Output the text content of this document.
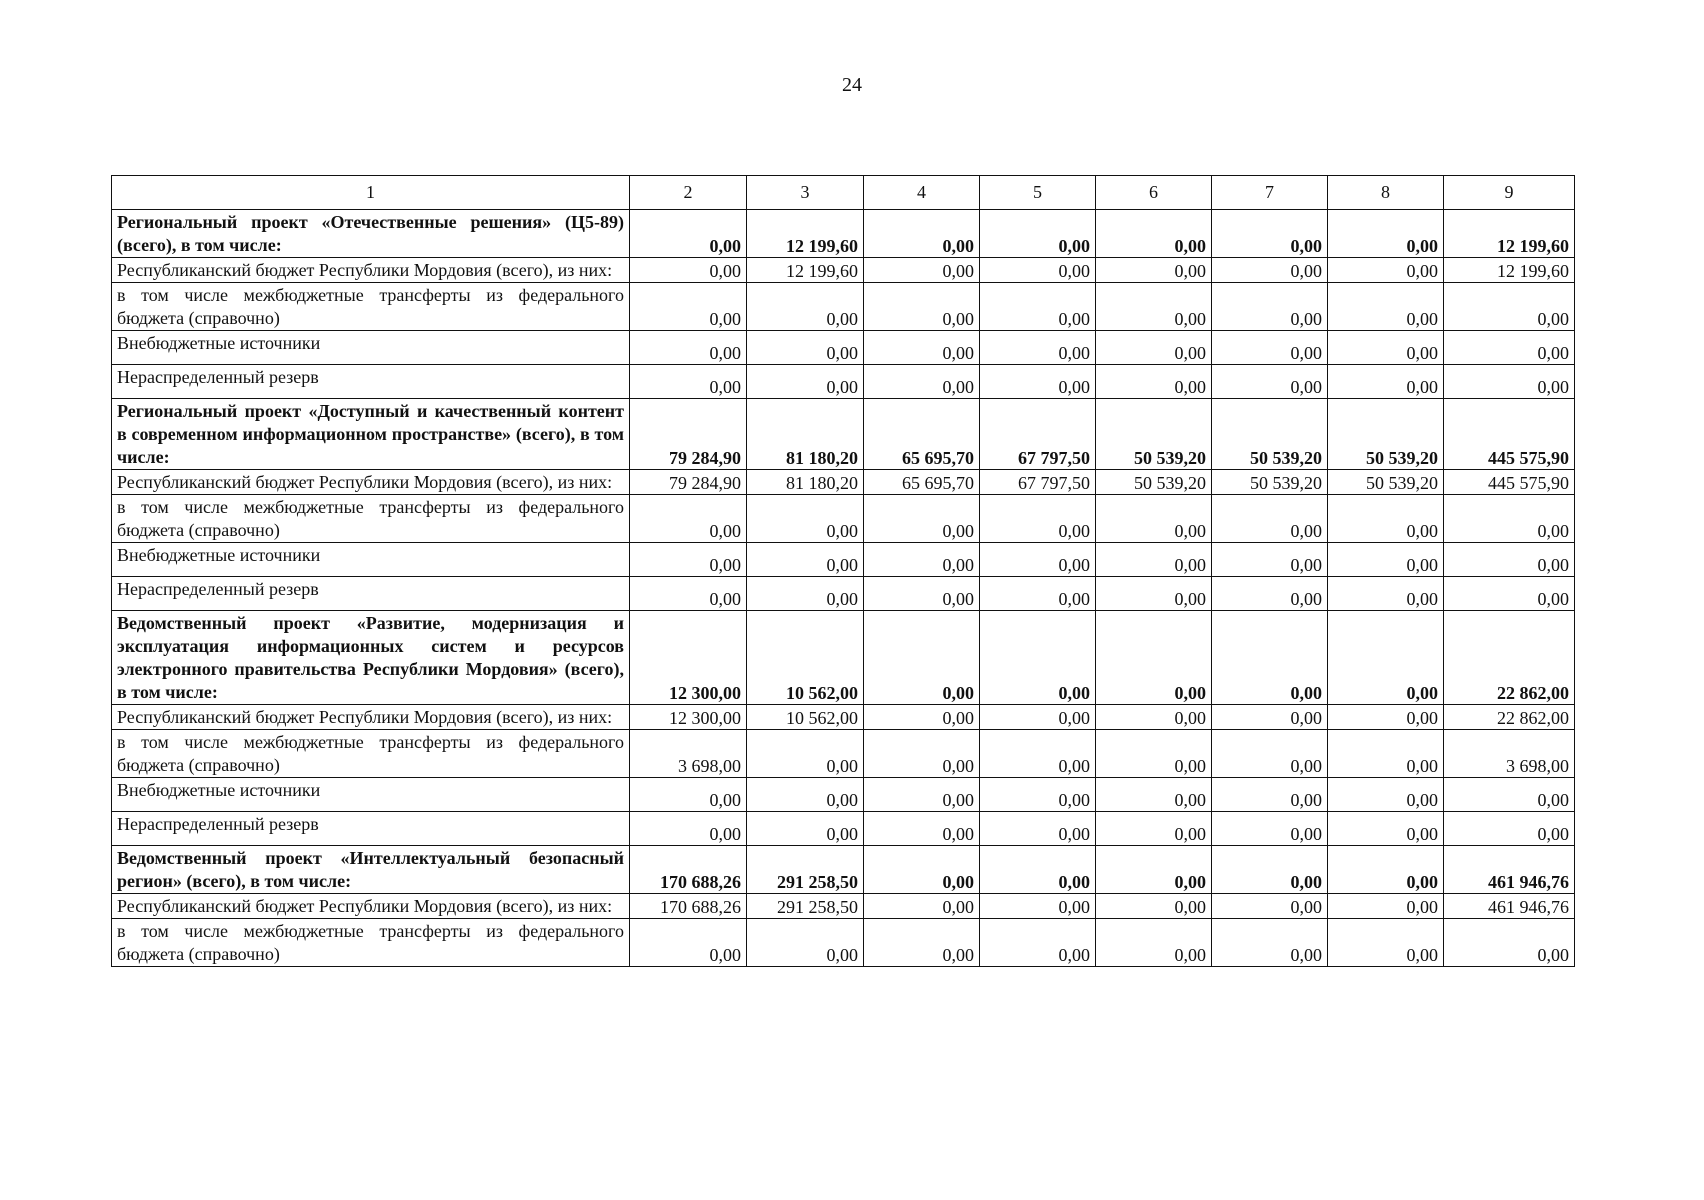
24
1	2	3	4	5	6	7	8	9
Региональный проект «Отечественные решения» (Ц5-89) (всего), в том числе:	0,00	12 199,60	0,00	0,00	0,00	0,00	0,00	12 199,60
Республиканский бюджет Республики Мордовия (всего), из них:	0,00	12 199,60	0,00	0,00	0,00	0,00	0,00	12 199,60
в том числе межбюджетные трансферты из федерального бюджета (справочно)	0,00	0,00	0,00	0,00	0,00	0,00	0,00	0,00
Внебюджетные источники	0,00	0,00	0,00	0,00	0,00	0,00	0,00	0,00
Нераспределенный резерв	0,00	0,00	0,00	0,00	0,00	0,00	0,00	0,00
Региональный проект «Доступный и качественный контент в современном информационном пространстве» (всего), в том числе:	79 284,90	81 180,20	65 695,70	67 797,50	50 539,20	50 539,20	50 539,20	445 575,90
Республиканский бюджет Республики Мордовия (всего), из них:	79 284,90	81 180,20	65 695,70	67 797,50	50 539,20	50 539,20	50 539,20	445 575,90
в том числе межбюджетные трансферты из федерального бюджета (справочно)	0,00	0,00	0,00	0,00	0,00	0,00	0,00	0,00
Внебюджетные источники	0,00	0,00	0,00	0,00	0,00	0,00	0,00	0,00
Нераспределенный резерв	0,00	0,00	0,00	0,00	0,00	0,00	0,00	0,00
Ведомственный проект «Развитие, модернизация и эксплуатация информационных систем и ресурсов электронного правительства Республики Мордовия» (всего), в том числе:	12 300,00	10 562,00	0,00	0,00	0,00	0,00	0,00	22 862,00
Республиканский бюджет Республики Мордовия (всего), из них:	12 300,00	10 562,00	0,00	0,00	0,00	0,00	0,00	22 862,00
в том числе межбюджетные трансферты из федерального бюджета (справочно)	3 698,00	0,00	0,00	0,00	0,00	0,00	0,00	3 698,00
Внебюджетные источники	0,00	0,00	0,00	0,00	0,00	0,00	0,00	0,00
Нераспределенный резерв	0,00	0,00	0,00	0,00	0,00	0,00	0,00	0,00
Ведомственный проект «Интеллектуальный безопасный регион» (всего), в том числе:	170 688,26	291 258,50	0,00	0,00	0,00	0,00	0,00	461 946,76
Республиканский бюджет Республики Мордовия (всего), из них:	170 688,26	291 258,50	0,00	0,00	0,00	0,00	0,00	461 946,76
в том числе межбюджетные трансферты из федерального бюджета (справочно)	0,00	0,00	0,00	0,00	0,00	0,00	0,00	0,00
